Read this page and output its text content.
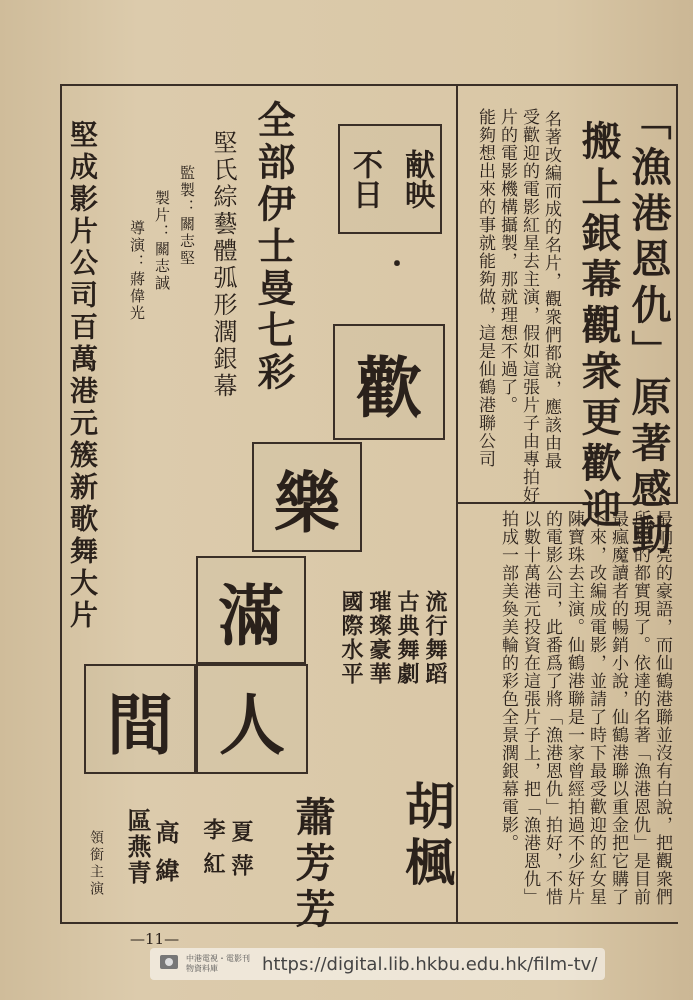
堅成影片公司百萬港元簇新歌舞大片	全部伊士曼七彩

堅氏綜藝體弧形濶銀幕

監製：關志堅

製片：關志誠

導演：蔣偉光

不日 献映

・
歡
樂
滿
人
間

流行舞蹈

古典舞劇

璀璨豪華

國際水平

胡楓

蕭芳芳

夏萍

李紅

高緯

區燕青

領銜主演

「漁港恩仇」原著感動

搬上銀幕觀衆更歡迎

名著改編而成的名片，觀衆們都說，應該由最

受歡迎的電影紅星去主演，假如這張片子由專拍好

片的電影機構攝製，那就理想不過了。

能夠想出來的事就能夠做，這是仙鶴港聯公司

最响亮的豪語，而仙鶴港聯並沒有白說，把觀衆們

所想的都實現了。依達的名著「漁港恩仇」是目前

最瘋魔讀者的暢銷小說，仙鶴港聯以重金把它購了

下來，改編成電影，並請了時下最受歡迎的紅女星

陳寶珠去主演。仙鶴港聯是一家曾經拍過不少好片

的電影公司，此番爲了將「漁港恩仇」拍好，不惜

以數十萬港元投資在這張片子上，把「漁港恩仇」

拍成一部美奐美輪的彩色全景濶銀幕電影。

—11—
中港電視・電影刊物資料庫	https://digital.lib.hkbu.edu.hk/film-tv/
